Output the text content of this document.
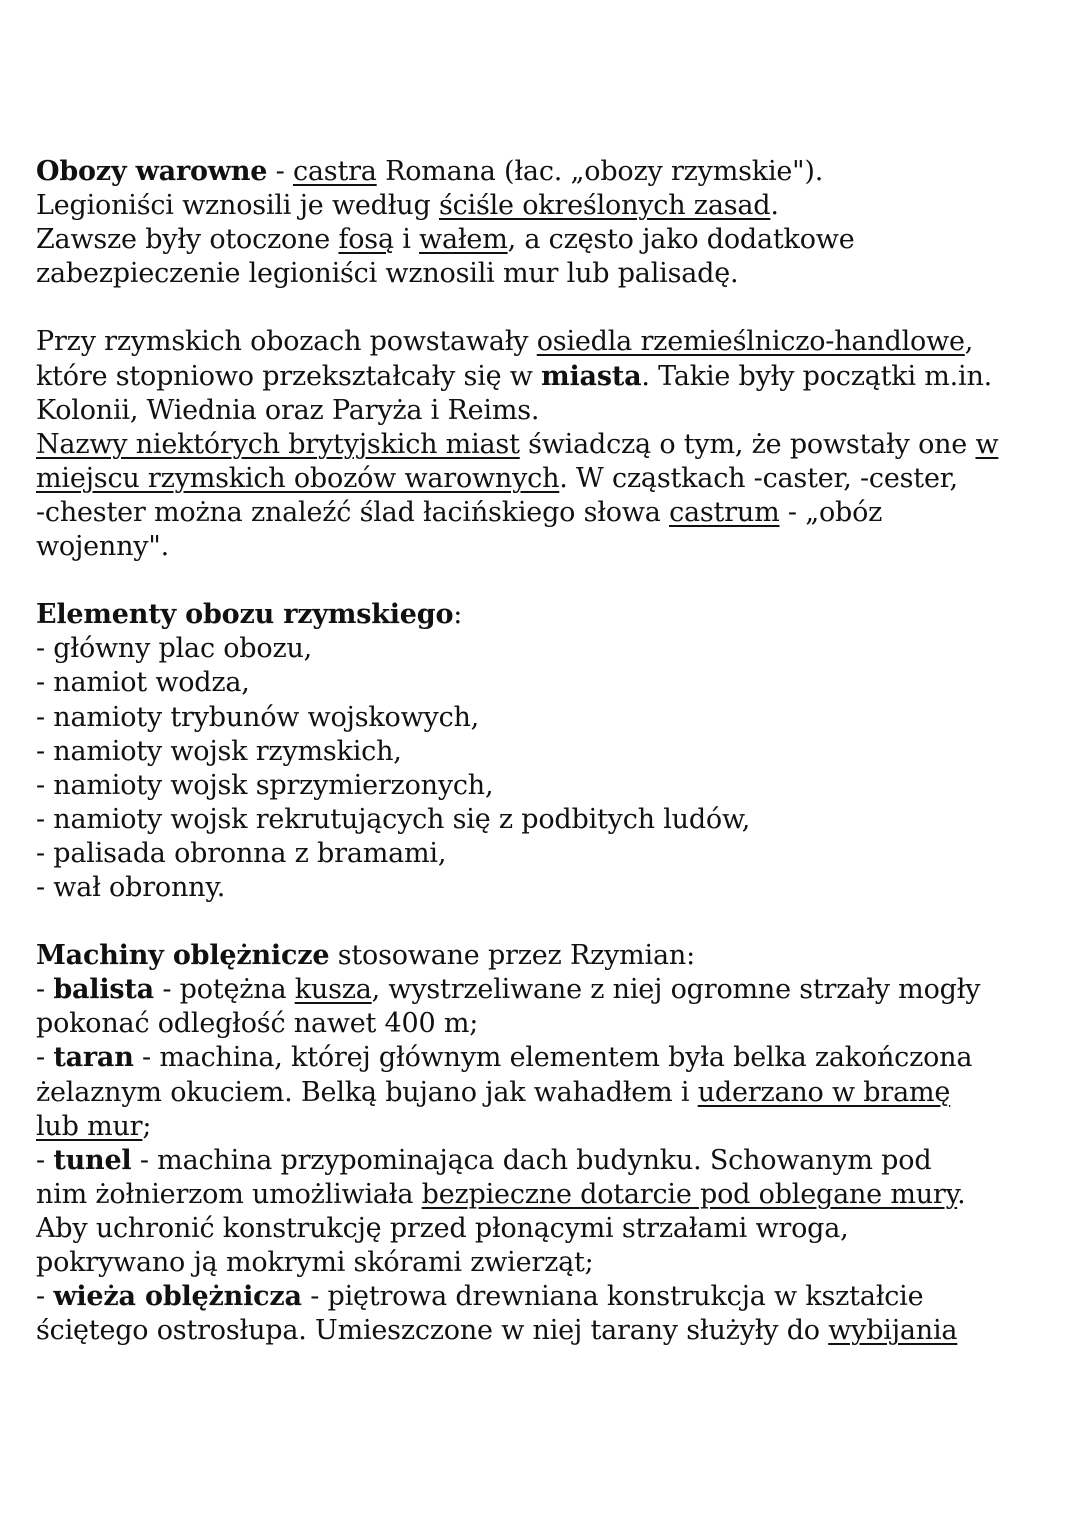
Obozy warowne - castra Romana (łac. „obozy rzymskie").
Legioniści wznosili je według ściśle określonych zasad.
Zawsze były otoczone fosą i wałem, a często jako dodatkowe
zabezpieczenie legioniści wznosili mur lub palisadę.
Przy rzymskich obozach powstawały osiedla rzemieślniczo-handlowe,
które stopniowo przekształcały się w miasta. Takie były początki m.in.
Kolonii, Wiednia oraz Paryża i Reims.
Nazwy niektórych brytyjskich miast świadczą o tym, że powstały one w
miejscu rzymskich obozów warownych. W cząstkach -caster, -cester,
-chester można znaleźć ślad łacińskiego słowa castrum - „obóz
wojenny".
Elementy obozu rzymskiego:
- główny plac obozu,
- namiot wodza,
- namioty trybunów wojskowych,
- namioty wojsk rzymskich,
- namioty wojsk sprzymierzonych,
- namioty wojsk rekrutujących się z podbitych ludów,
- palisada obronna z bramami,
- wał obronny.
Machiny oblężnicze stosowane przez Rzymian:
- balista - potężna kusza, wystrzeliwane z niej ogromne strzały mogły
pokonać odległość nawet 400 m;
- taran - machina, której głównym elementem była belka zakończona
żelaznym okuciem. Belką bujano jak wahadłem i uderzano w bramę
lub mur;
- tunel - machina przypominająca dach budynku. Schowanym pod
nim żołnierzom umożliwiała bezpieczne dotarcie pod oblegane mury.
Aby uchronić konstrukcję przed płonącymi strzałami wroga,
pokrywano ją mokrymi skórami zwierząt;
- wieża oblężnicza - piętrowa drewniana konstrukcja w kształcie
ściętego ostrosłupa. Umieszczone w niej tarany służyły do wybijania
